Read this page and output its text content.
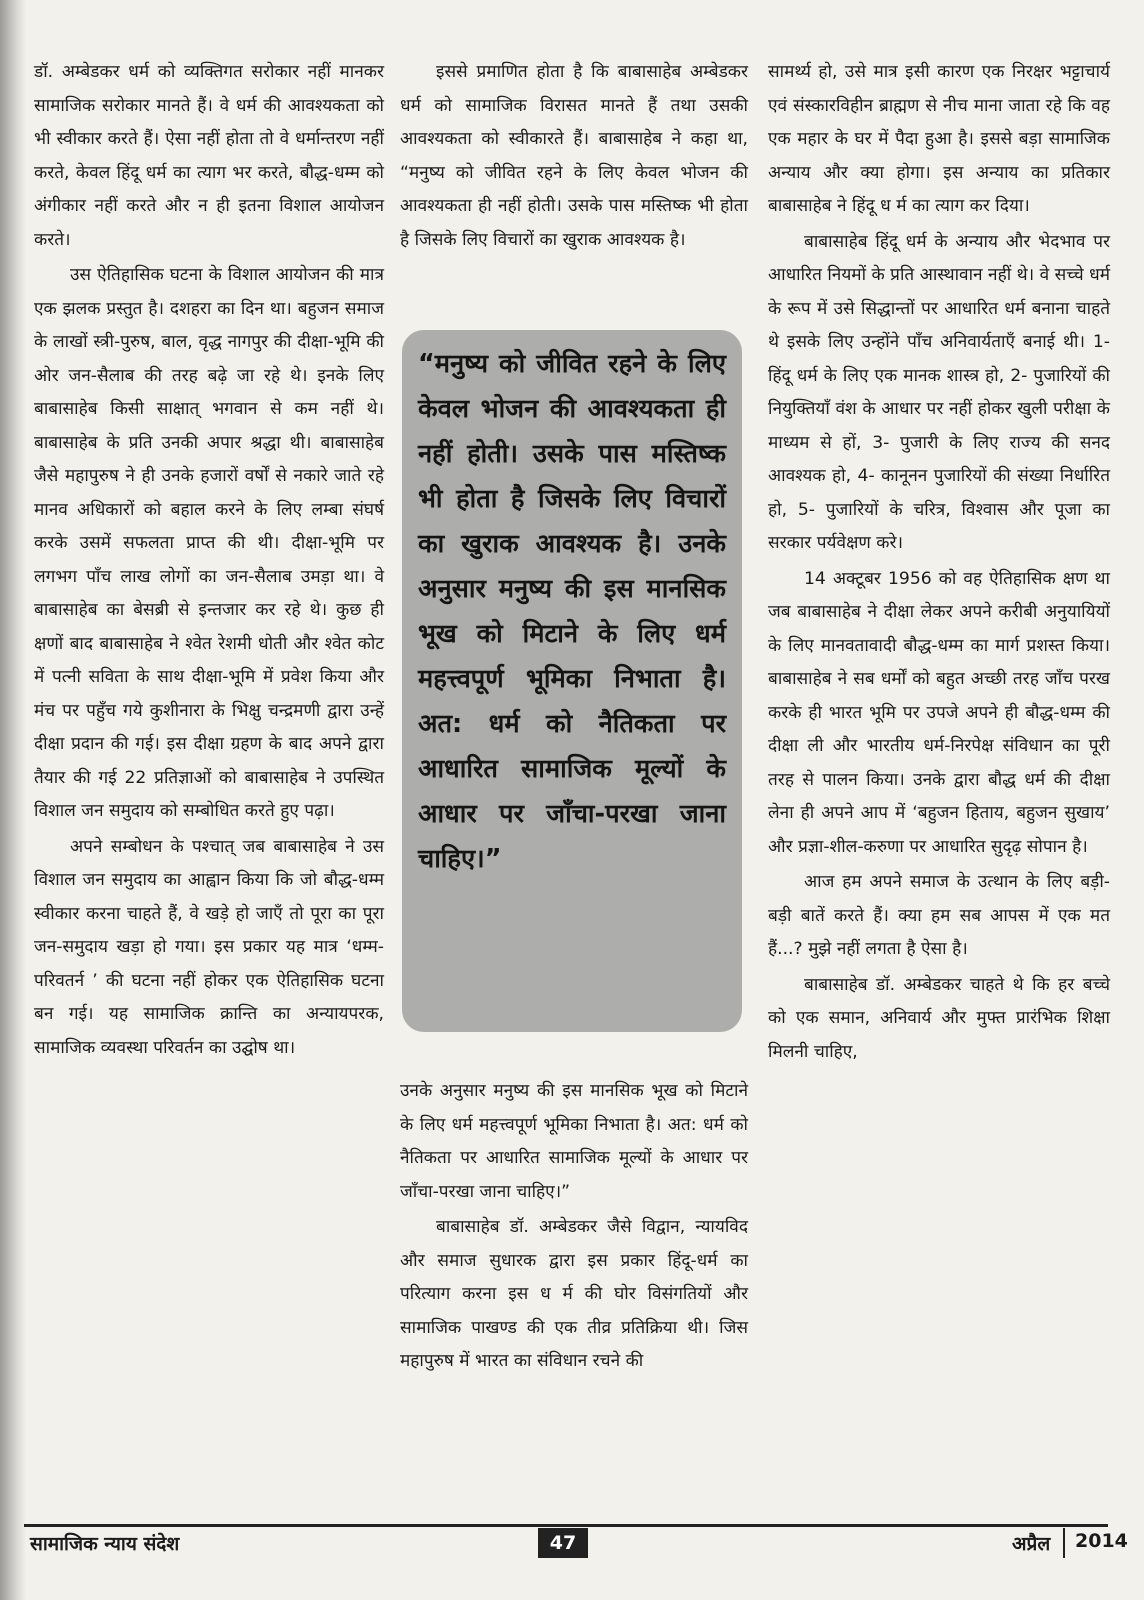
डॉ. अम्बेडकर धर्म को व्यक्तिगत सरोकार नहीं मानकर सामाजिक सरोकार मानते हैं। वे धर्म की आवश्यकता को भी स्वीकार करते हैं। ऐसा नहीं होता तो वे धर्मान्तरण नहीं करते, केवल हिंदू धर्म का त्याग भर करते, बौद्ध-धम्म को अंगीकार नहीं करते और न ही इतना विशाल आयोजन करते।

उस ऐतिहासिक घटना के विशाल आयोजन की मात्र एक झलक प्रस्तुत है। दशहरा का दिन था। बहुजन समाज के लाखों स्त्री-पुरुष, बाल, वृद्ध नागपुर की दीक्षा-भूमि की ओर जन-सैलाब की तरह बढ़े जा रहे थे। इनके लिए बाबासाहेब किसी साक्षात् भगवान से कम नहीं थे। बाबासाहेब के प्रति उनकी अपार श्रद्धा थी। बाबासाहेब जैसे महापुरुष ने ही उनके हजारों वर्षों से नकारे जाते रहे मानव अधिकारों को बहाल करने के लिए लम्बा संघर्ष करके उसमें सफलता प्राप्त की थी। दीक्षा-भूमि पर लगभग पाँच लाख लोगों का जन-सैलाब उमड़ा था। वे बाबासाहेब का बेसब्री से इन्तजार कर रहे थे। कुछ ही क्षणों बाद बाबासाहेब ने श्वेत रेशमी धोती और श्वेत कोट में पत्नी सविता के साथ दीक्षा-भूमि में प्रवेश किया और मंच पर पहुँच गये कुशीनारा के भिक्षु चन्द्रमणी द्वारा उन्हें दीक्षा प्रदान की गई। इस दीक्षा ग्रहण के बाद अपने द्वारा तैयार की गई 22 प्रतिज्ञाओं को बाबासाहेब ने उपस्थित विशाल जन समुदाय को सम्बोधित करते हुए पढ़ा।

अपने सम्बोधन के पश्चात् जब बाबासाहेब ने उस विशाल जन समुदाय का आह्वान किया कि जो बौद्ध-धम्म स्वीकार करना चाहते हैं, वे खड़े हो जाएँ तो पूरा का पूरा जन-समुदाय खड़ा हो गया। इस प्रकार यह मात्र ‘धम्म-परिवतर्न ’ की घटना नहीं होकर एक ऐतिहासिक घटना बन गई। यह सामाजिक क्रान्ति का अन्यायपरक, सामाजिक व्यवस्था परिवर्तन का उद्घोष था।

इससे प्रमाणित होता है कि बाबासाहेब अम्बेडकर धर्म को सामाजिक विरासत मानते हैं तथा उसकी आवश्यकता को स्वीकारते हैं। बाबासाहेब ने कहा था, “मनुष्य को जीवित रहने के लिए केवल भोजन की आवश्यकता ही नहीं होती। उसके पास मस्तिष्क भी होता है जिसके लिए विचारों का खुराक आवश्यक है।

“मनुष्य को जीवित रहने के लिए केवल भोजन की आवश्यकता ही नहीं होती। उसके पास मस्तिष्क भी होता है जिसके लिए विचारों का खुराक आवश्यक है। उनके अनुसार मनुष्य की इस मानसिक भूख को मिटाने के लिए धर्म महत्त्वपूर्ण भूमिका निभाता है। अत: धर्म को नैतिकता पर आधारित सामाजिक मूल्यों के आधार पर जाँचा-परखा जाना चाहिए।”

उनके अनुसार मनुष्य की इस मानसिक भूख को मिटाने के लिए धर्म महत्त्वपूर्ण भूमिका निभाता है। अत: धर्म को नैतिकता पर आधारित सामाजिक मूल्यों के आधार पर जाँचा-परखा जाना चाहिए।”

बाबासाहेब डॉ. अम्बेडकर जैसे विद्वान, न्यायविद और समाज सुधारक द्वारा इस प्रकार हिंदू-धर्म का परित्याग करना इस ध र्म की घोर विसंगतियों और सामाजिक पाखण्ड की एक तीव्र प्रतिक्रिया थी। जिस महापुरुष में भारत का संविधान रचने की

सामर्थ्य हो, उसे मात्र इसी कारण एक निरक्षर भट्टाचार्य एवं संस्कारविहीन ब्राह्मण से नीच माना जाता रहे कि वह एक महार के घर में पैदा हुआ है। इससे बड़ा सामाजिक अन्याय और क्या होगा। इस अन्याय का प्रतिकार बाबासाहेब ने हिंदू ध र्म का त्याग कर दिया।

बाबासाहेब हिंदू धर्म के अन्याय और भेदभाव पर आधारित नियमों के प्रति आस्थावान नहीं थे। वे सच्चे धर्म के रूप में उसे सिद्धान्तों पर आधारित धर्म बनाना चाहते थे इसके लिए उन्होंने पाँच अनिवार्यताएँ बनाई थी। 1- हिंदू धर्म के लिए एक मानक शास्त्र हो, 2- पुजारियों की नियुक्तियाँ वंश के आधार पर नहीं होकर खुली परीक्षा के माध्यम से हों, 3- पुजारी के लिए राज्य की सनद आवश्यक हो, 4- कानूनन पुजारियों की संख्या निर्धारित हो, 5- पुजारियों के चरित्र, विश्वास और पूजा का सरकार पर्यवेक्षण करे।

14 अक्टूबर 1956 को वह ऐतिहासिक क्षण था जब बाबासाहेब ने दीक्षा लेकर अपने करीबी अनुयायियों के लिए मानवतावादी बौद्ध-धम्म का मार्ग प्रशस्त किया। बाबासाहेब ने सब धर्मों को बहुत अच्छी तरह जाँच परख करके ही भारत भूमि पर उपजे अपने ही बौद्ध-धम्म की दीक्षा ली और भारतीय धर्म-निरपेक्ष संविधान का पूरी तरह से पालन किया। उनके द्वारा बौद्ध धर्म की दीक्षा लेना ही अपने आप में ‘बहुजन हिताय, बहुजन सुखाय’ और प्रज्ञा-शील-करुणा पर आधारित सुदृढ़ सोपान है।

आज हम अपने समाज के उत्थान के लिए बड़ी-बड़ी बातें करते हैं। क्या हम सब आपस में एक मत हैं...? मुझे नहीं लगता है ऐसा है।

बाबासाहेब डॉ. अम्बेडकर चाहते थे कि हर बच्चे को एक समान, अनिवार्य और मुफ्त प्रारंभिक शिक्षा मिलनी चाहिए,

सामाजिक न्याय संदेश	47	अप्रैल 2014
